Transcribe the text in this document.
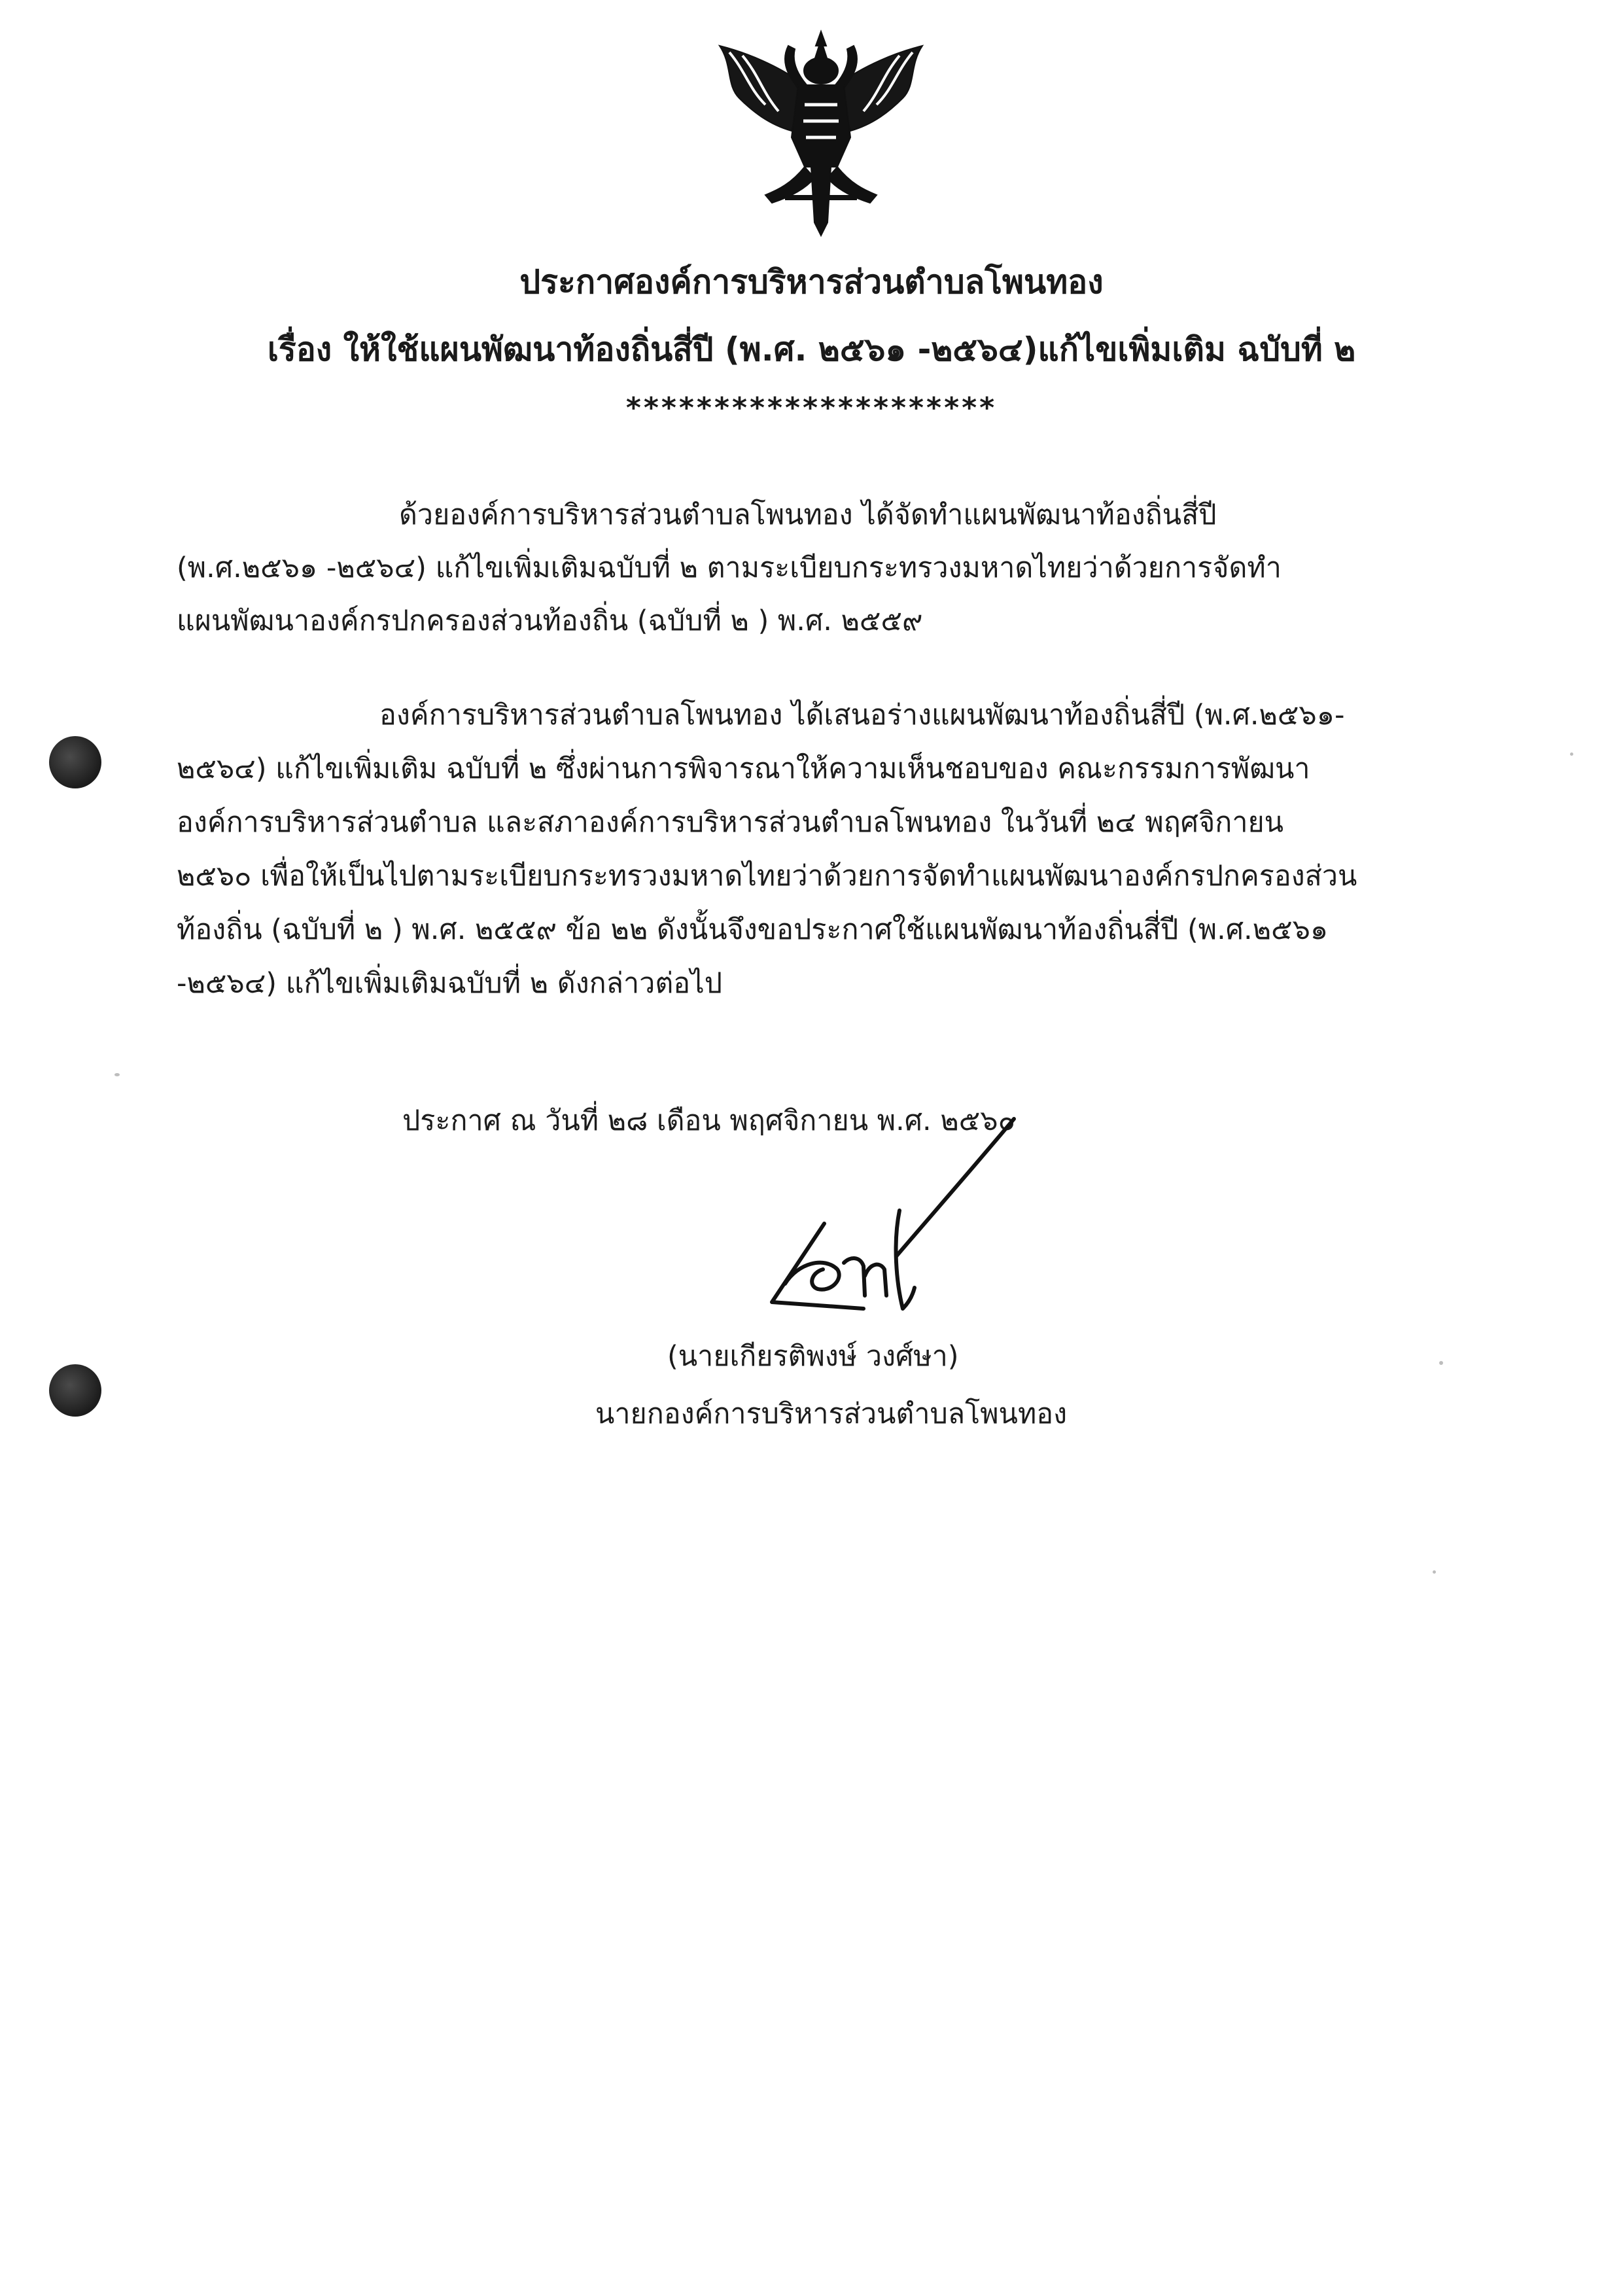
ประกาศองค์การบริหารส่วนตำบลโพนทอง
เรื่อง ให้ใช้แผนพัฒนาท้องถิ่นสี่ปี (พ.ศ. ๒๕๖๑ -๒๕๖๔)แก้ไขเพิ่มเติม ฉบับที่ ๒
*********************
ด้วยองค์การบริหารส่วนตำบลโพนทอง ได้จัดทำแผนพัฒนาท้องถิ่นสี่ปี
(พ.ศ.๒๕๖๑ -๒๕๖๔) แก้ไขเพิ่มเติมฉบับที่ ๒ ตามระเบียบกระทรวงมหาดไทยว่าด้วยการจัดทำ
แผนพัฒนาองค์กรปกครองส่วนท้องถิ่น (ฉบับที่ ๒ ) พ.ศ. ๒๕๕๙
องค์การบริหารส่วนตำบลโพนทอง ได้เสนอร่างแผนพัฒนาท้องถิ่นสี่ปี (พ.ศ.๒๕๖๑-
๒๕๖๔) แก้ไขเพิ่มเติม ฉบับที่ ๒ ซึ่งผ่านการพิจารณาให้ความเห็นชอบของ คณะกรรมการพัฒนา
องค์การบริหารส่วนตำบล และสภาองค์การบริหารส่วนตำบลโพนทอง ในวันที่ ๒๔ พฤศจิกายน
๒๕๖๐ เพื่อให้เป็นไปตามระเบียบกระทรวงมหาดไทยว่าด้วยการจัดทำแผนพัฒนาองค์กรปกครองส่วน
ท้องถิ่น (ฉบับที่ ๒ ) พ.ศ. ๒๕๕๙ ข้อ ๒๒ ดังนั้นจึงขอประกาศใช้แผนพัฒนาท้องถิ่นสี่ปี (พ.ศ.๒๕๖๑
-๒๕๖๔) แก้ไขเพิ่มเติมฉบับที่ ๒ ดังกล่าวต่อไป
ประกาศ ณ วันที่ ๒๘ เดือน พฤศจิกายน พ.ศ. ๒๕๖๐
(นายเกียรติพงษ์ วงศ์ษา)
นายกองค์การบริหารส่วนตำบลโพนทอง
